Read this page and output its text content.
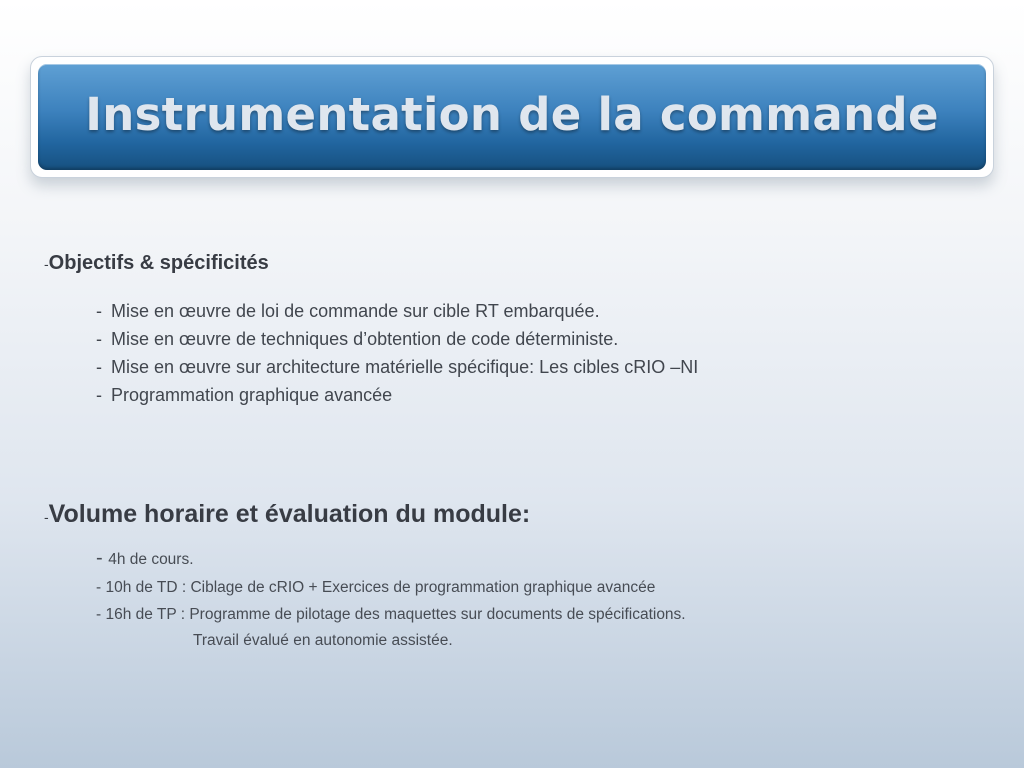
Instrumentation de la commande
-Objectifs & spécificités
- Mise en œuvre de loi de commande sur cible RT embarquée.
- Mise en œuvre de techniques d’obtention de code déterministe.
- Mise en œuvre sur architecture matérielle spécifique: Les cibles cRIO –NI
- Programmation graphique avancée
-Volume horaire et évaluation du module:
- 4h de cours.
- 10h de TD : Ciblage de cRIO + Exercices de programmation graphique avancée
- 16h de TP : Programme de pilotage des maquettes sur documents de spécifications.
Travail évalué en autonomie assistée.
